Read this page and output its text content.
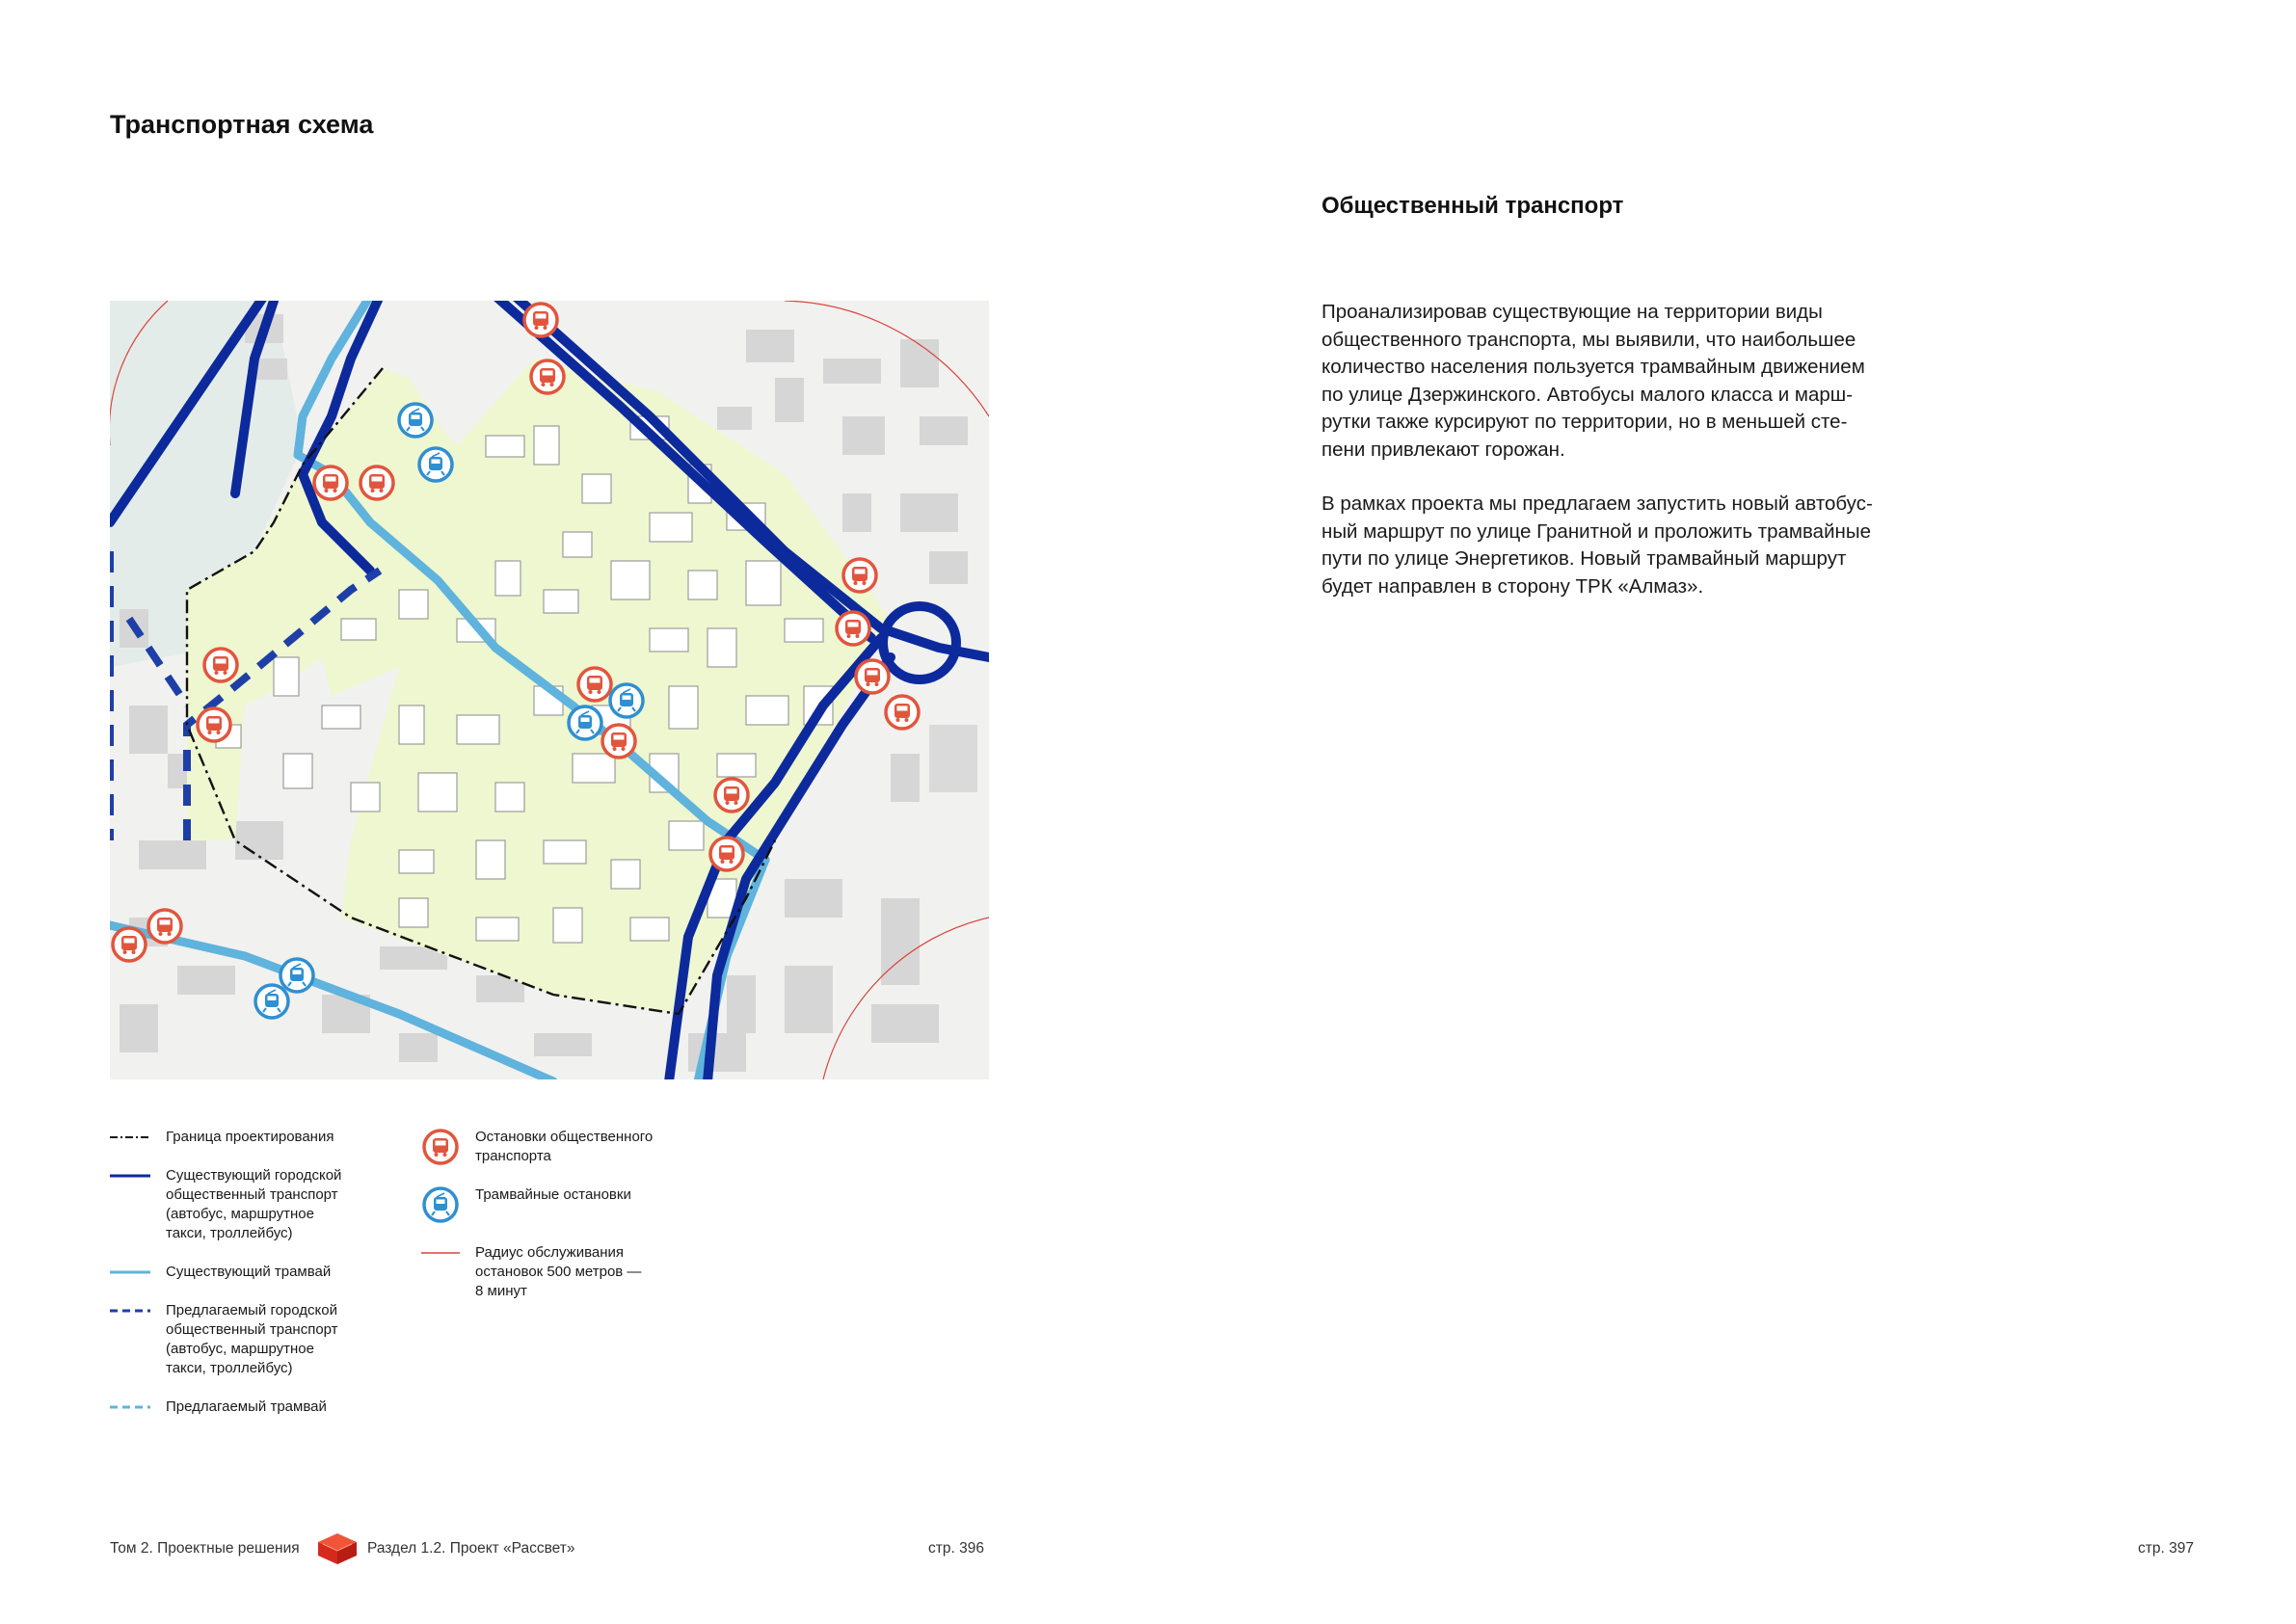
Транспортная схема
Граница проектирования
Существующий городской
общественный транспорт
(автобус, маршрутное
такси, троллейбус)
Существующий трамвай
Предлагаемый городской
общественный транспорт
(автобус, маршрутное
такси, троллейбус)
Предлагаемый трамвай
Остановки общественного
транспорта
Трамвайные остановки
Радиус обслуживания
остановок 500 метров —
8 минут
Общественный транспорт

Проанализировав существующие на территории виды
общественного транспорта, мы выявили, что наибольшее
количество населения пользуется трамвайным движением
по улице Дзержинского. Автобусы малого класса и марш-
рутки также курсируют по территории, но в меньшей сте-
пени привлекают горожан.

В рамках проекта мы предлагаем запустить новый автобус-
ный маршрут по улице Гранитной и проложить трамвайные
пути по улице Энергетиков. Новый трамвайный маршрут
будет направлен в сторону ТРК «Алмаз».

Том 2. Проектные решения	Раздел 1.2. Проект «Рассвет»	стр. 396	стр. 397
